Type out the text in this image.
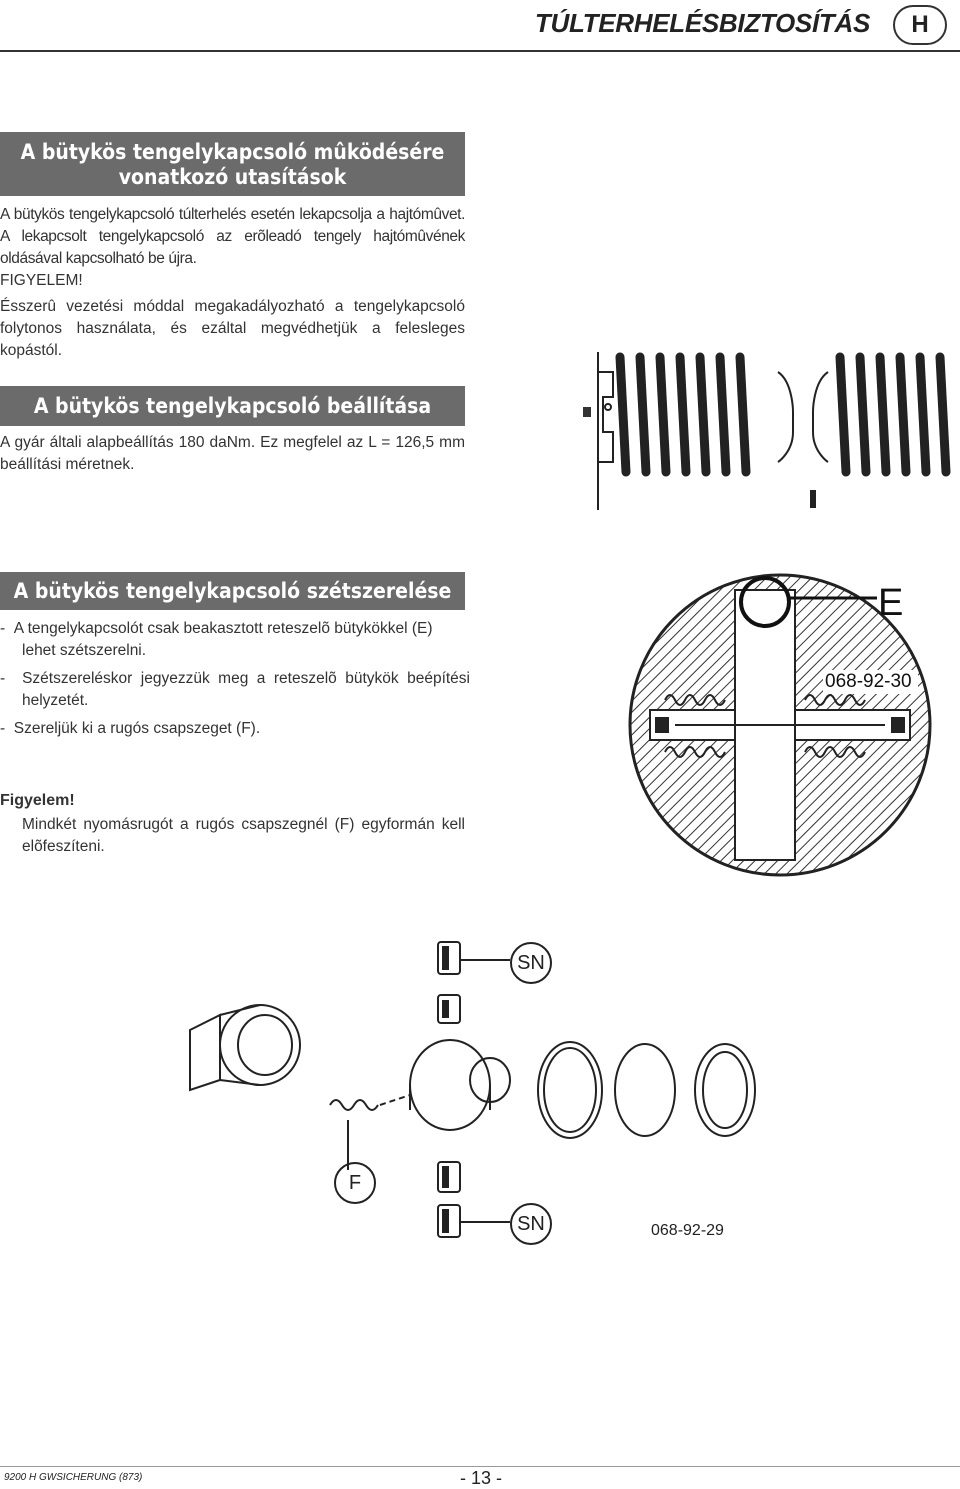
TÚLTERHELÉSBIZTOSÍTÁS	H
A bütykös tengelykapcsoló mûködésére
vonatkozó utasítások
A bütykös tengelykapcsoló túlterhelés esetén lekapcsolja a hajtómûvet. A lekapcsolt tengelykapcsoló az erõleadó tengely hajtómûvének oldásával kapcsolható be újra.
FIGYELEM!
Ésszerû vezetési móddal megakadályozható a tengelykapcsoló folytonos használata, és ezáltal megvédhetjük a felesleges kopástól.
A bütykös tengelykapcsoló beállítása
A gyár általi alapbeállítás 180 daNm. Ez megfelel az L = 126,5 mm beállítási méretnek.
A bütykös tengelykapcsoló szétszerelése
-  A tengelykapcsolót csak beakasztott reteszelõ bütykökkel (E) lehet szétszerelni.
-  Szétszereléskor jegyezzük meg a reteszelõ bütykök beépítési helyzetét.
-  Szereljük ki a rugós csapszeget (F).
Figyelem!
Mindkét nyomásrugót a rugós csapszegnél (F) egyformán kell elõfeszíteni.
E
068-92-30
SN
F
SN	068-92-29
9200 H GWSICHERUNG (873)	- 13 -
